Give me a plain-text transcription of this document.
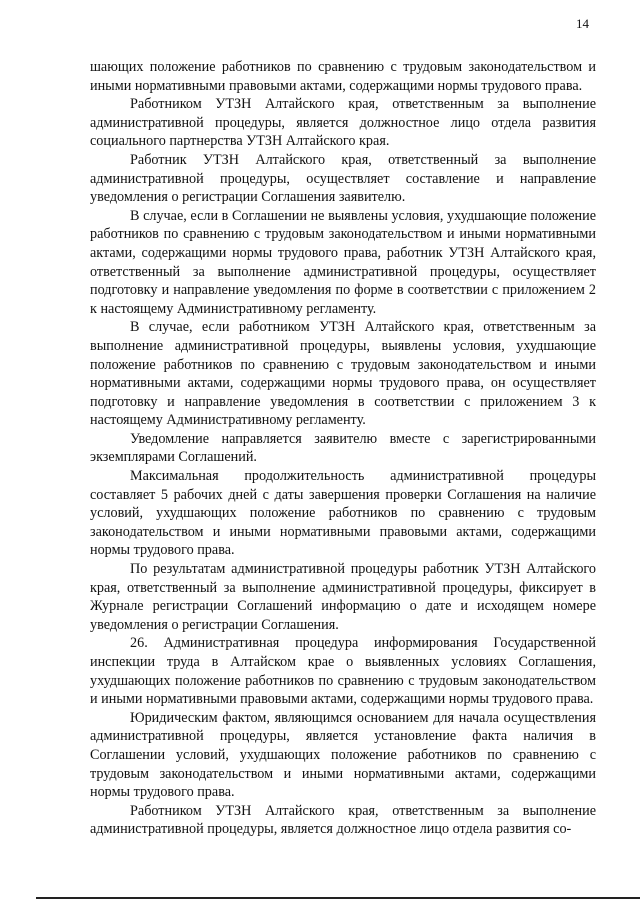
14

шающих положение работников по сравнению с трудовым законодательством и иными нормативными правовыми актами, содержащими нормы трудового права.

Работником УТЗН Алтайского края, ответственным за выполнение административной процедуры, является должностное лицо отдела развития социального партнерства УТЗН Алтайского края.

Работник УТЗН Алтайского края, ответственный за выполнение административной процедуры, осуществляет составление и направление уведомления о регистрации Соглашения заявителю.

В случае, если в Соглашении не выявлены условия, ухудшающие положение работников по сравнению с трудовым законодательством и иными нормативными актами, содержащими нормы трудового права, работник УТЗН Алтайского края, ответственный за выполнение административной процедуры, осуществляет подготовку и направление уведомления по форме в соответствии с приложением 2 к настоящему Административному регламенту.

В случае, если работником УТЗН Алтайского края, ответственным за выполнение административной процедуры, выявлены условия, ухудшающие положение работников по сравнению с трудовым законодательством и иными нормативными актами, содержащими нормы трудового права, он осуществляет подготовку и направление уведомления в соответствии с приложением 3 к настоящему Административному регламенту.

Уведомление направляется заявителю вместе с зарегистрированными экземплярами Соглашений.

Максимальная продолжительность административной процедуры составляет 5 рабочих дней с даты завершения проверки Соглашения на наличие условий, ухудшающих положение работников по сравнению с трудовым законодательством и иными нормативными правовыми актами, содержащими нормы трудового права.

По результатам административной процедуры работник УТЗН Алтайского края, ответственный за выполнение административной процедуры, фиксирует в Журнале регистрации Соглашений информацию о дате и исходящем номере уведомления о регистрации Соглашения.

26. Административная процедура информирования Государственной инспекции труда в Алтайском крае о выявленных условиях Соглашения, ухудшающих положение работников по сравнению с трудовым законодательством и иными нормативными правовыми актами, содержащими нормы трудового права.

Юридическим фактом, являющимся основанием для начала осуществления административной процедуры, является установление факта наличия в Соглашении условий, ухудшающих положение работников по сравнению с трудовым законодательством и иными нормативными актами, содержащими нормы трудового права.

Работником УТЗН Алтайского края, ответственным за выполнение административной процедуры, является должностное лицо отдела развития со-
